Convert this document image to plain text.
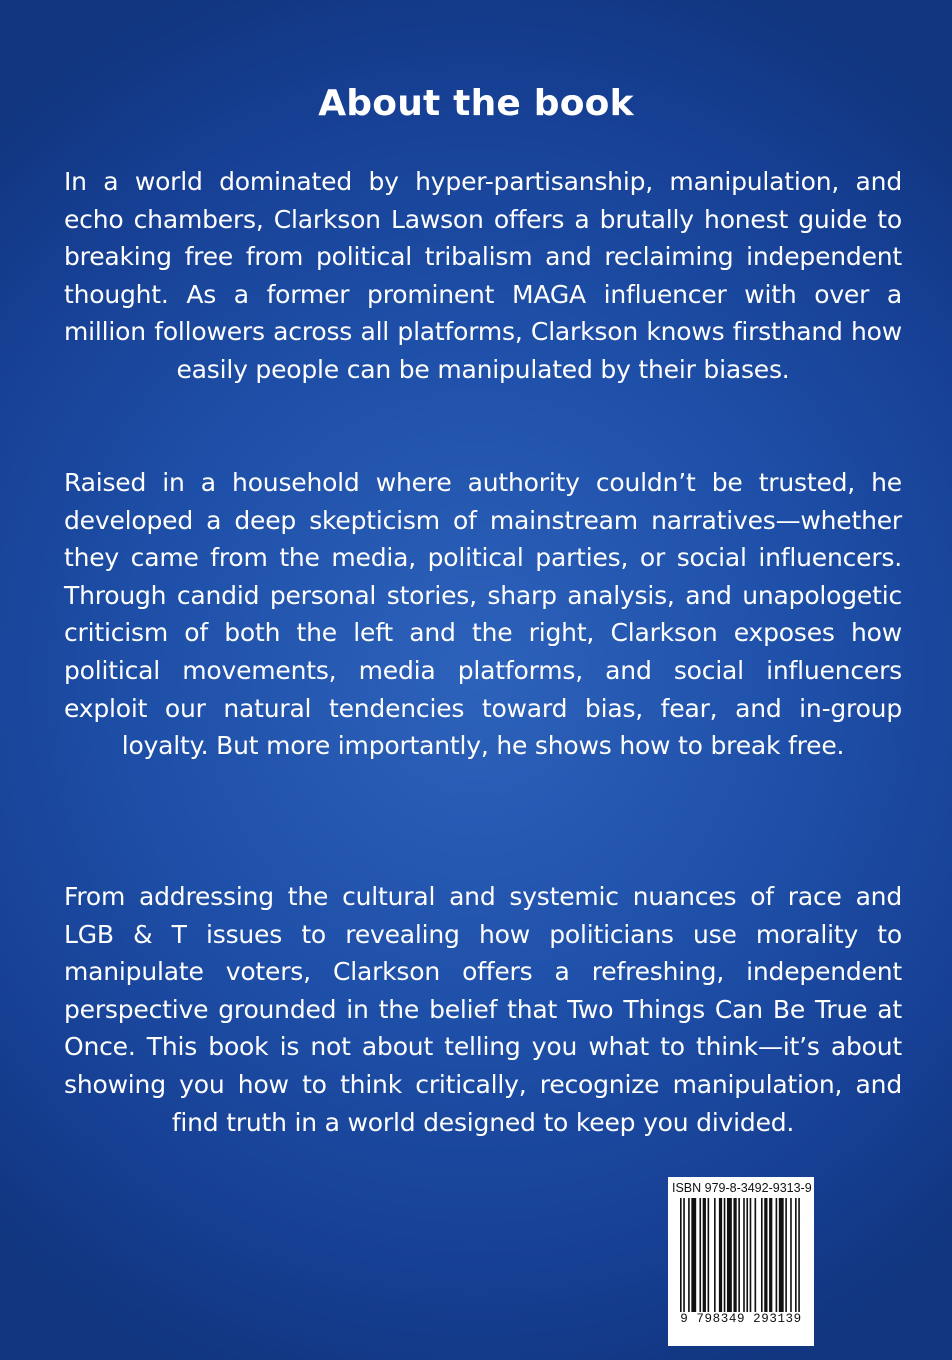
About the book

In a world dominated by hyper-partisanship, manipulation, and echo chambers, Clarkson Lawson offers a brutally honest guide to breaking free from political tribalism and reclaiming independent thought. As a former prominent MAGA influencer with over a million followers across all platforms, Clarkson knows firsthand how easily people can be manipulated by their biases.

Raised in a household where authority couldn’t be trusted, he developed a deep skepticism of mainstream narratives—whether they came from the media, political parties, or social influencers. Through candid personal stories, sharp analysis, and unapologetic criticism of both the left and the right, Clarkson exposes how political movements, media platforms, and social influencers exploit our natural tendencies toward bias, fear, and in-group loyalty. But more importantly, he shows how to break free.

From addressing the cultural and systemic nuances of race and LGB & T issues to revealing how politicians use morality to manipulate voters, Clarkson offers a refreshing, independent perspective grounded in the belief that Two Things Can Be True at Once. This book is not about telling you what to think—it’s about showing you how to think critically, recognize manipulation, and find truth in a world designed to keep you divided.

ISBN 979-8-3492-9313-9
9 798349 293139
